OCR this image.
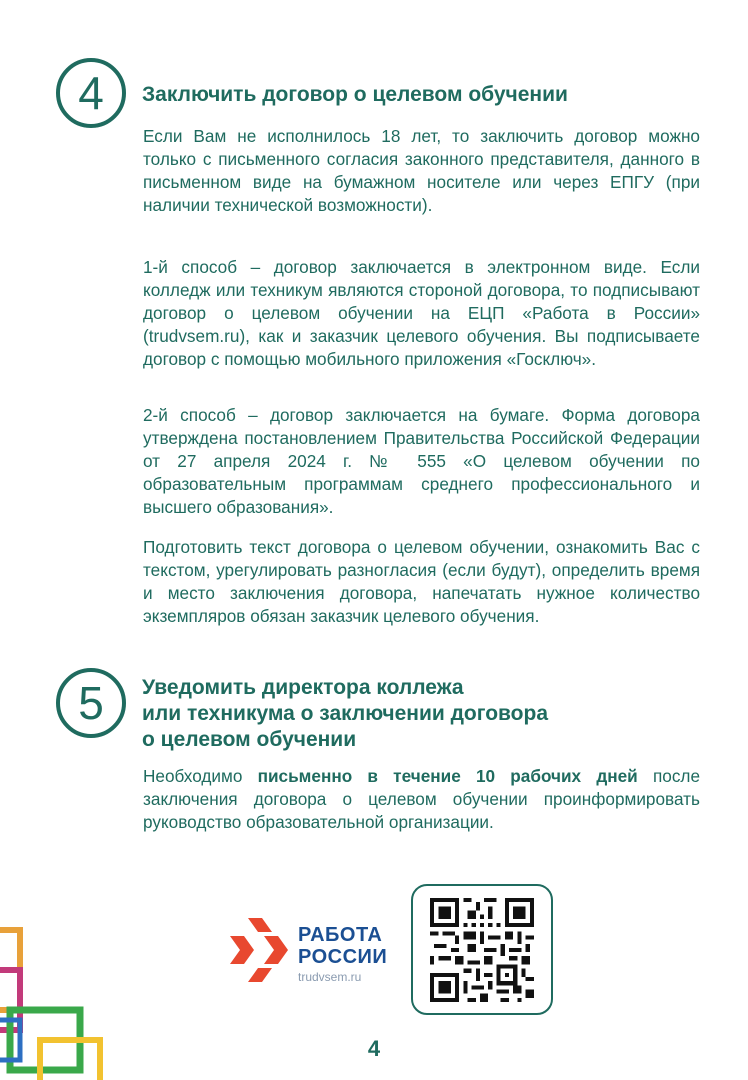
4 Заключить договор о целевом обучении

Если Вам не исполнилось 18 лет, то заключить договор можно только с письменного согласия законного представителя, данного в письменном виде на бумажном носителе или через ЕПГУ (при наличии технической возможности).

1-й способ – договор заключается в электронном виде. Если колледж или техникум являются стороной договора, то подписывают договор о целевом обучении на ЕЦП «Работа в России» (trudvsem.ru), как и заказчик целевого обучения. Вы подписываете договор с помощью мобильного приложения «Госключ».

2-й способ – договор заключается на бумаге. Форма договора утверждена постановлением Правительства Российской Федерации от 27 апреля 2024 г. № 555 «О целевом обучении по образовательным программам среднего профессионального и высшего образования».

Подготовить текст договора о целевом обучении, ознакомить Вас с текстом, урегулировать разногласия (если будут), определить время и место заключения договора, напечатать нужное количество экземпляров обязан заказчик целевого обучения.

5 Уведомить директора коллежа
или техникума о заключении договора
о целевом обучении

Необходимо письменно в течение 10 рабочих дней после заключения договора о целевом обучении проинформировать руководство образовательной организации.

РАБОТА
РОССИИ
trudvsem.ru
4
